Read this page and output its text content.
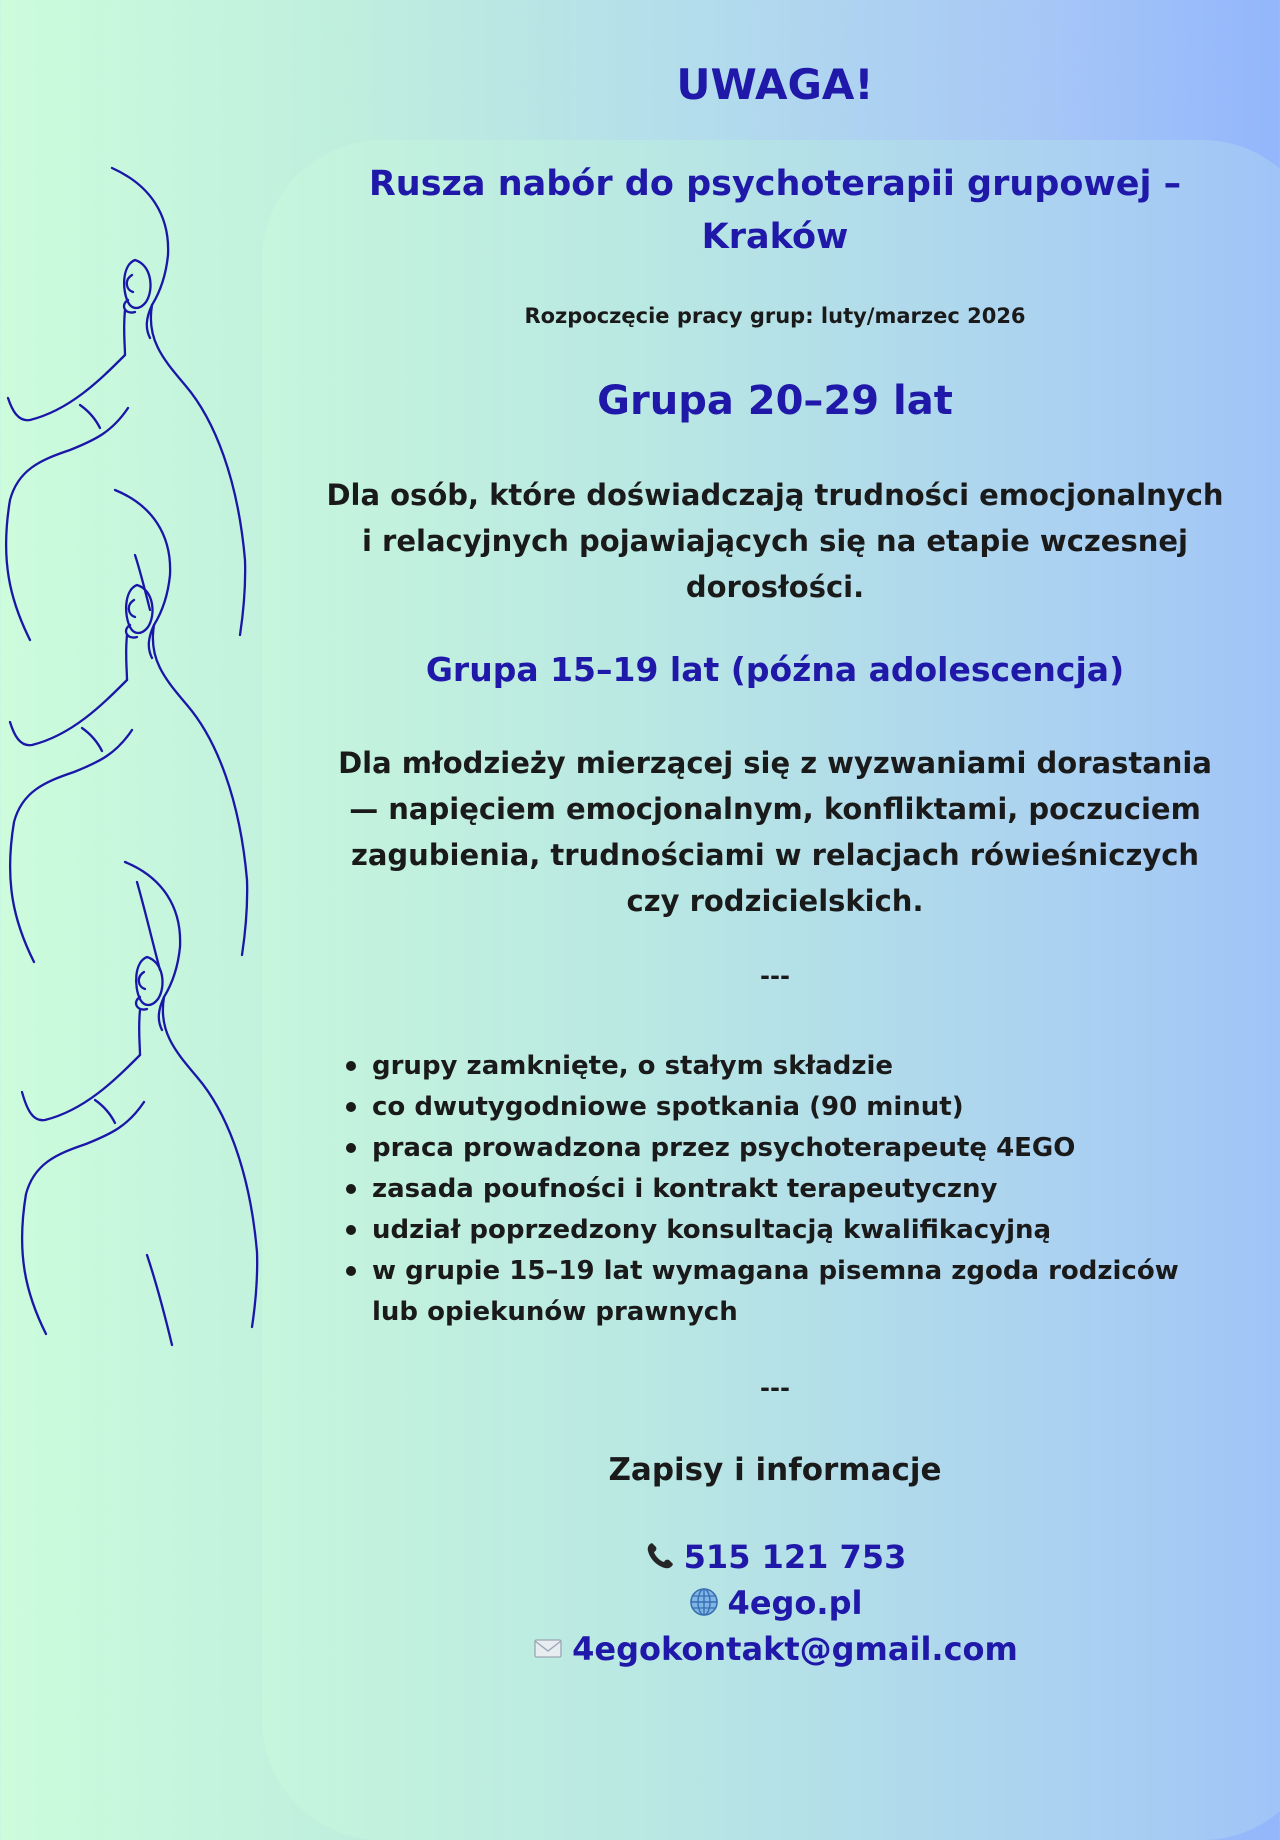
UWAGA!
Rusza nabór do psychoterapii grupowej –
Kraków
Rozpoczęcie pracy grup: luty/marzec 2026
Grupa 20–29 lat
Dla osób, które doświadczają trudności emocjonalnych
i relacyjnych pojawiających się na etapie wczesnej
dorosłości.
Grupa 15–19 lat (późna adolescencja)
Dla młodzieży mierzącej się z wyzwaniami dorastania
— napięciem emocjonalnym, konfliktami, poczuciem
zagubienia, trudnościami w relacjach rówieśniczych
czy rodzicielskich.
---
grupy zamknięte, o stałym składzie
co dwutygodniowe spotkania (90 minut)
praca prowadzona przez psychoterapeutę 4EGO
zasada poufności i kontrakt terapeutyczny
udział poprzedzony konsultacją kwalifikacyjną
w grupie 15–19 lat wymagana pisemna zgoda rodziców lub opiekunów prawnych
---
Zapisy i informacje
515 121 753
4ego.pl
4egokontakt@gmail.com
